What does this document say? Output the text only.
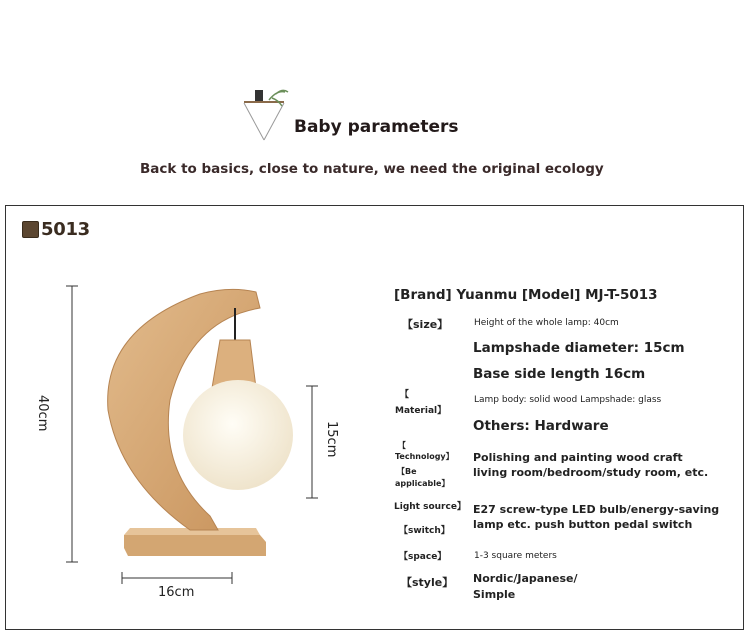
Baby parameters
Back to basics, close to nature, we need the original ecology
5013
40cm
15cm
16cm
[Brand] Yuanmu [Model] MJ-T-5013
【size】	Height of the whole lamp: 40cm
Lampshade diameter: 15cm
Base side length 16cm
【
Material】
Lamp body: solid wood Lampshade: glass
Others: Hardware
【
Technology】
【Be
applicable】
Polishing and painting wood craft
living room/bedroom/study room, etc.
Light source】 E27 screw-type LED bulb/energy-saving
【switch】 lamp etc. push button pedal switch
【space】	1-3 square meters
【style】 Nordic/Japanese/
Simple
